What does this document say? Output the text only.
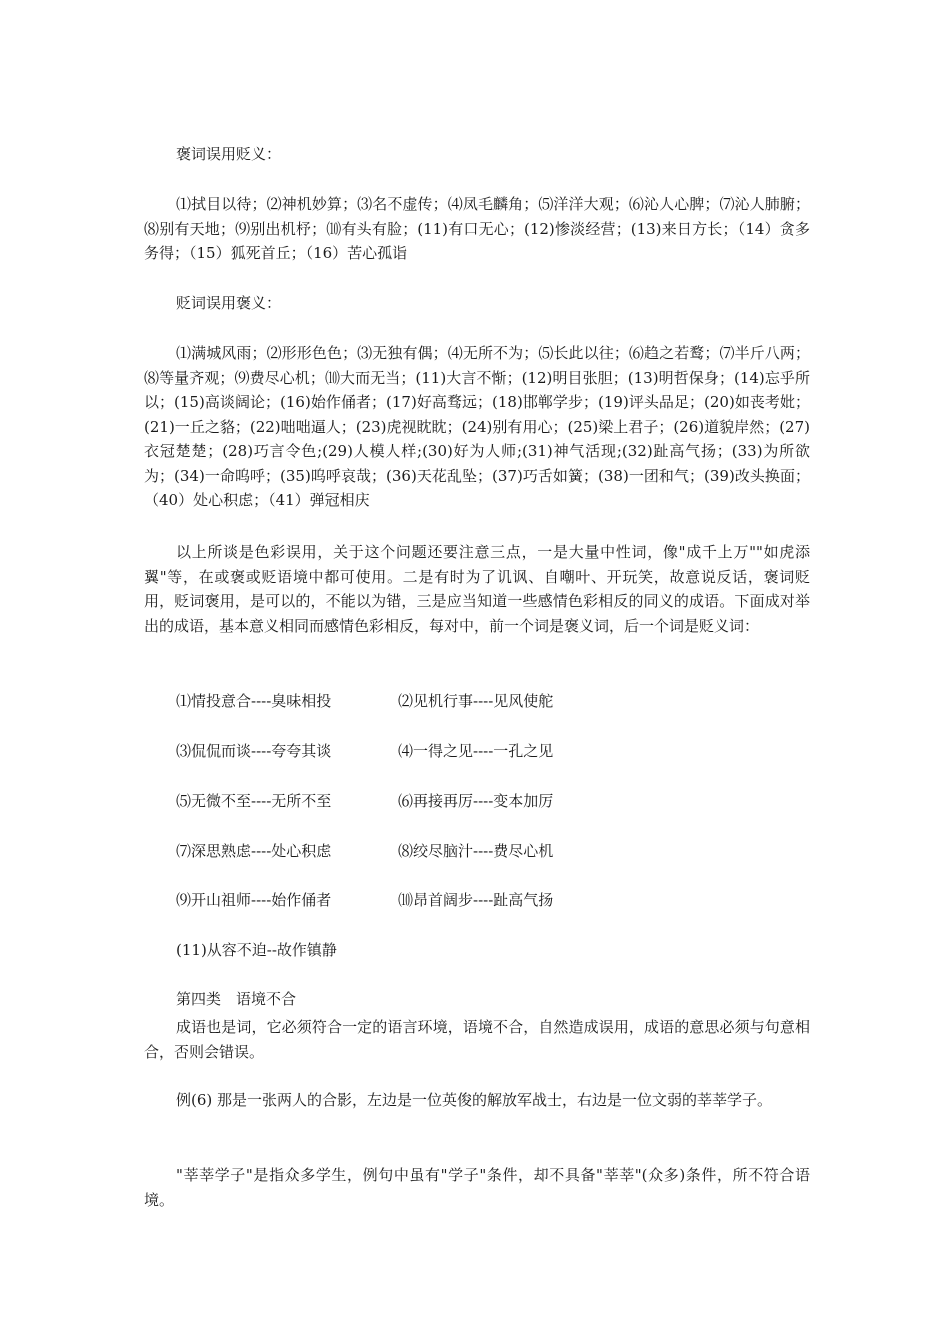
褒词误用贬义：

⑴拭目以待；⑵神机妙算；⑶名不虚传；⑷凤毛麟角；⑸洋洋大观；⑹沁人心脾；⑺沁人肺腑；⑻别有天地；⑼别出机杼；⑽有头有脸；(11)有口无心；(12)惨淡经营；(13)来日方长；（14）贪多务得；（15）狐死首丘；（16）苦心孤诣

贬词误用褒义：

⑴满城风雨；⑵形形色色；⑶无独有偶；⑷无所不为；⑸长此以往；⑹趋之若鹜；⑺半斤八两；⑻等量齐观；⑼费尽心机；⑽大而无当；(11)大言不惭；(12)明目张胆；(13)明哲保身；(14)忘乎所以；(15)高谈阔论；(16)始作俑者；(17)好高骛远；(18)邯郸学步；(19)评头品足；(20)如丧考妣；(21)一丘之貉；(22)咄咄逼人；(23)虎视眈眈；(24)别有用心；(25)梁上君子；(26)道貌岸然；(27)衣冠楚楚；(28)巧言令色;(29)人模人样;(30)好为人师;(31)神气活现;(32)趾高气扬；(33)为所欲为；(34)一命呜呼；(35)呜呼哀哉；(36)天花乱坠；(37)巧舌如簧；(38)一团和气；(39)改头换面；（40）处心积虑；（41）弹冠相庆

以上所谈是色彩误用，关于这个问题还要注意三点，一是大量中性词，像"成千上万""如虎添翼"等，在或褒或贬语境中都可使用。二是有时为了讥讽、自嘲叶、开玩笑，故意说反话，褒词贬用，贬词褒用，是可以的，不能以为错，三是应当知道一些感情色彩相反的同义的成语。下面成对举出的成语，基本意义相同而感情色彩相反，每对中，前一个词是褒义词，后一个词是贬义词：

⑴情投意合----臭味相投	⑵见机行事----见风使舵
⑶侃侃而谈----夸夸其谈	⑷一得之见----一孔之见
⑸无微不至----无所不至	⑹再接再厉----变本加厉
⑺深思熟虑----处心积虑	⑻绞尽脑汁----费尽心机
⑼开山祖师----始作俑者	⑽昂首阔步----趾高气扬
(11)从容不迫--故作镇静
第四类　语境不合

成语也是词，它必须符合一定的语言环境，语境不合，自然造成误用，成语的意思必须与句意相合，否则会错误。

例(6) 那是一张两人的合影，左边是一位英俊的解放军战士，右边是一位文弱的莘莘学子。

"莘莘学子"是指众多学生，例句中虽有"学子"条件，却不具备"莘莘"(众多)条件，所不符合语境。
